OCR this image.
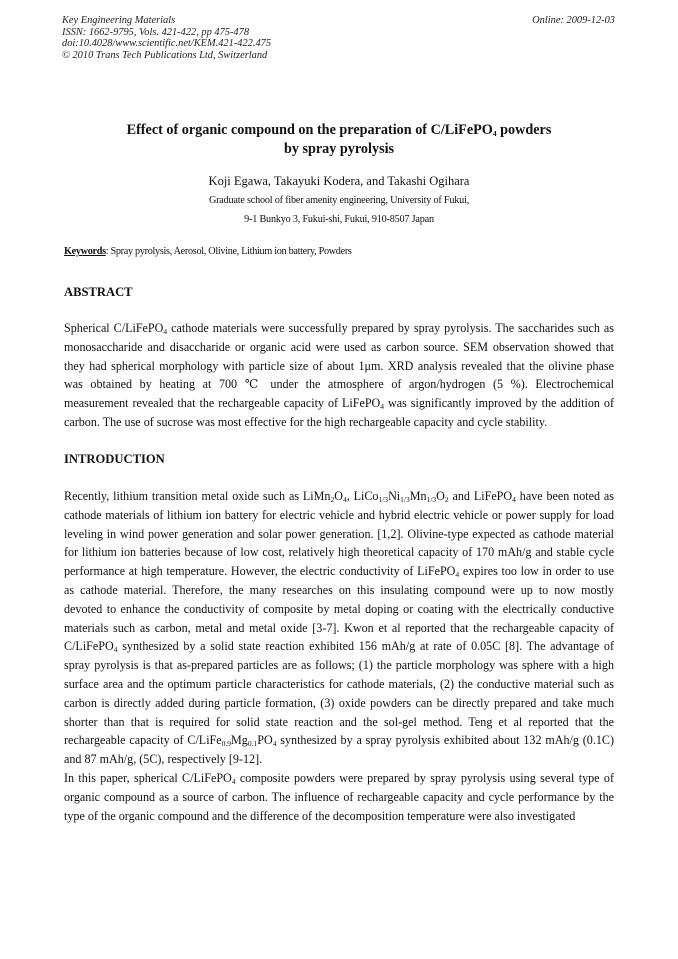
Key Engineering Materials
ISSN: 1662-9795, Vols. 421-422, pp 475-478
doi:10.4028/www.scientific.net/KEM.421-422.475
© 2010 Trans Tech Publications Ltd, Switzerland
Online: 2009-12-03
Effect of organic compound on the preparation of C/LiFePO$_4$ powders
by spray pyrolysis
Koji Egawa, Takayuki Kodera, and Takashi Ogihara
Graduate school of fiber amenity engineering, University of Fukui,
9-1 Bunkyo 3, Fukui-shi, Fukui, 910-8507 Japan
Keywords: Spray pyrolysis, Aerosol, Olivine, Lithium ion battery, Powders
ABSTRACT
Spherical C/LiFePO$_4$ cathode materials were successfully prepared by spray pyrolysis. The saccharides such as
monosaccharide and disaccharide or organic acid were used as carbon source. SEM observation showed that
they had spherical morphology with particle size of about 1μm. XRD analysis revealed that the olivine phase
was obtained by heating at 700 ℃ under the atmosphere of argon/hydrogen (5 %). Electrochemical
measurement revealed that the rechargeable capacity of LiFePO$_4$ was significantly improved by the addition of
carbon. The use of sucrose was most effective for the high rechargeable capacity and cycle stability.
INTRODUCTION
Recently, lithium transition metal oxide such as $LiMn_2O_4$, $LiCo_{1/3}Ni_{1/3}Mn_{1/3}O_2$ and LiFePO$_4$ have been noted as
cathode materials of lithium ion battery for electric vehicle and hybrid electric vehicle or power supply for load
leveling in wind power generation and solar power generation. [1,2]. Olivine-type expected as cathode material
for lithium ion batteries because of low cost, relatively high theoretical capacity of 170 mAh/g and stable cycle
performance at high temperature. However, the electric conductivity of LiFePO$_4$ expires too low in order to use
as cathode material. Therefore, the many researches on this insulating compound were up to now mostly
devoted to enhance the conductivity of composite by metal doping or coating with the electrically conductive
materials such as carbon, metal and metal oxide [3-7]. Kwon et al reported that the rechargeable capacity of
C/LiFePO$_4$ synthesized by a solid state reaction exhibited 156 mAh/g at rate of 0.05C [8]. The advantage of
spray pyrolysis is that as-prepared particles are as follows; (1) the particle morphology was sphere with a high
surface area and the optimum particle characteristics for cathode materials, (2) the conductive material such as
carbon is directly added during particle formation, (3) oxide powders can be directly prepared and take much
shorter than that is required for solid state reaction and the sol-gel method. Teng et al reported that the
rechargeable capacity of $C/LiFe_{0.9}Mg_{0.1}PO_4$ synthesized by a spray pyrolysis exhibited about 132 mAh/g (0.1C)
and 87 mAh/g, (5C), respectively [9-12].
In this paper, spherical C/LiFePO$_4$ composite powders were prepared by spray pyrolysis using several type of
organic compound as a source of carbon. The influence of rechargeable capacity and cycle performance by the
type of the organic compound and the difference of the decomposition temperature were also investigated
